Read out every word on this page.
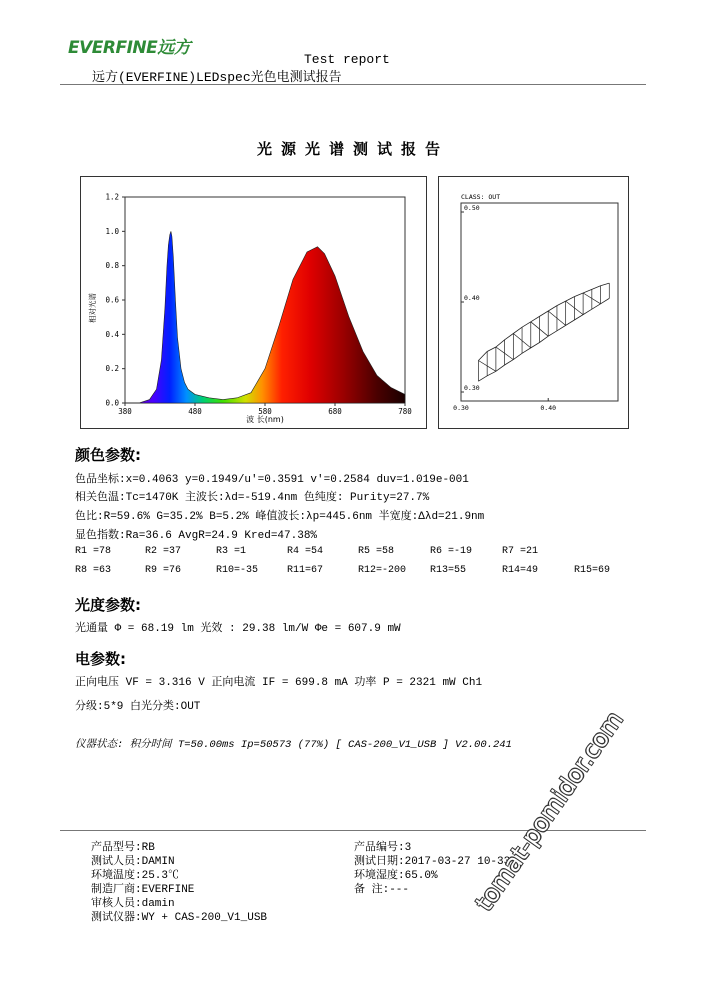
EVERFINE远方
Test report
远方(EVERFINE)LEDspec光色电测试报告
光源光谱测试报告
380	480	580	680	780
0.0
0.2
0.4
0.6
0.8
1.0
1.2
相对光谱
波 长(nm)
CLASS: OUT
0.30	0.40
0.30
0.40
0.50
颜色参数:
色品坐标:x=0.4063 y=0.1949/u'=0.3591 v'=0.2584 duv=1.019e-001
相关色温:Tc=1470K 主波长:λd=-519.4nm 色纯度: Purity=27.7%
色比:R=59.6% G=35.2% B=5.2% 峰值波长:λp=445.6nm 半宽度:Δλd=21.9nm
显色指数:Ra=36.6 AvgR=24.9 Kred=47.38%
R1 =78	R2 =37	R3 =1	R4 =54	R5 =58	R6 =-19	R7 =21
R8 =63	R9 =76	R10=-35	R11=67	R12=-200 R13=55	R14=49	R15=69
光度参数:
光通量 Φ = 68.19 lm 光效 : 29.38 lm/W Φe = 607.9 mW
电参数:
正向电压 VF = 3.316 V 正向电流 IF = 699.8 mA 功率 P = 2321 mW Ch1
分级:5*9 白光分类:OUT
仪器状态: 积分时间 T=50.00ms Ip=50573 (77%) [ CAS-200_V1_USB ] V2.00.241
产品型号:RB
测试人员:DAMIN
环境温度:25.3℃
制造厂商:EVERFINE
审核人员:damin
测试仪器:WY + CAS-200_V1_USB
产品编号:3
测试日期:2017-03-27 10-33
环境湿度:65.0%
备 注:---	tomat-pomidor.com
